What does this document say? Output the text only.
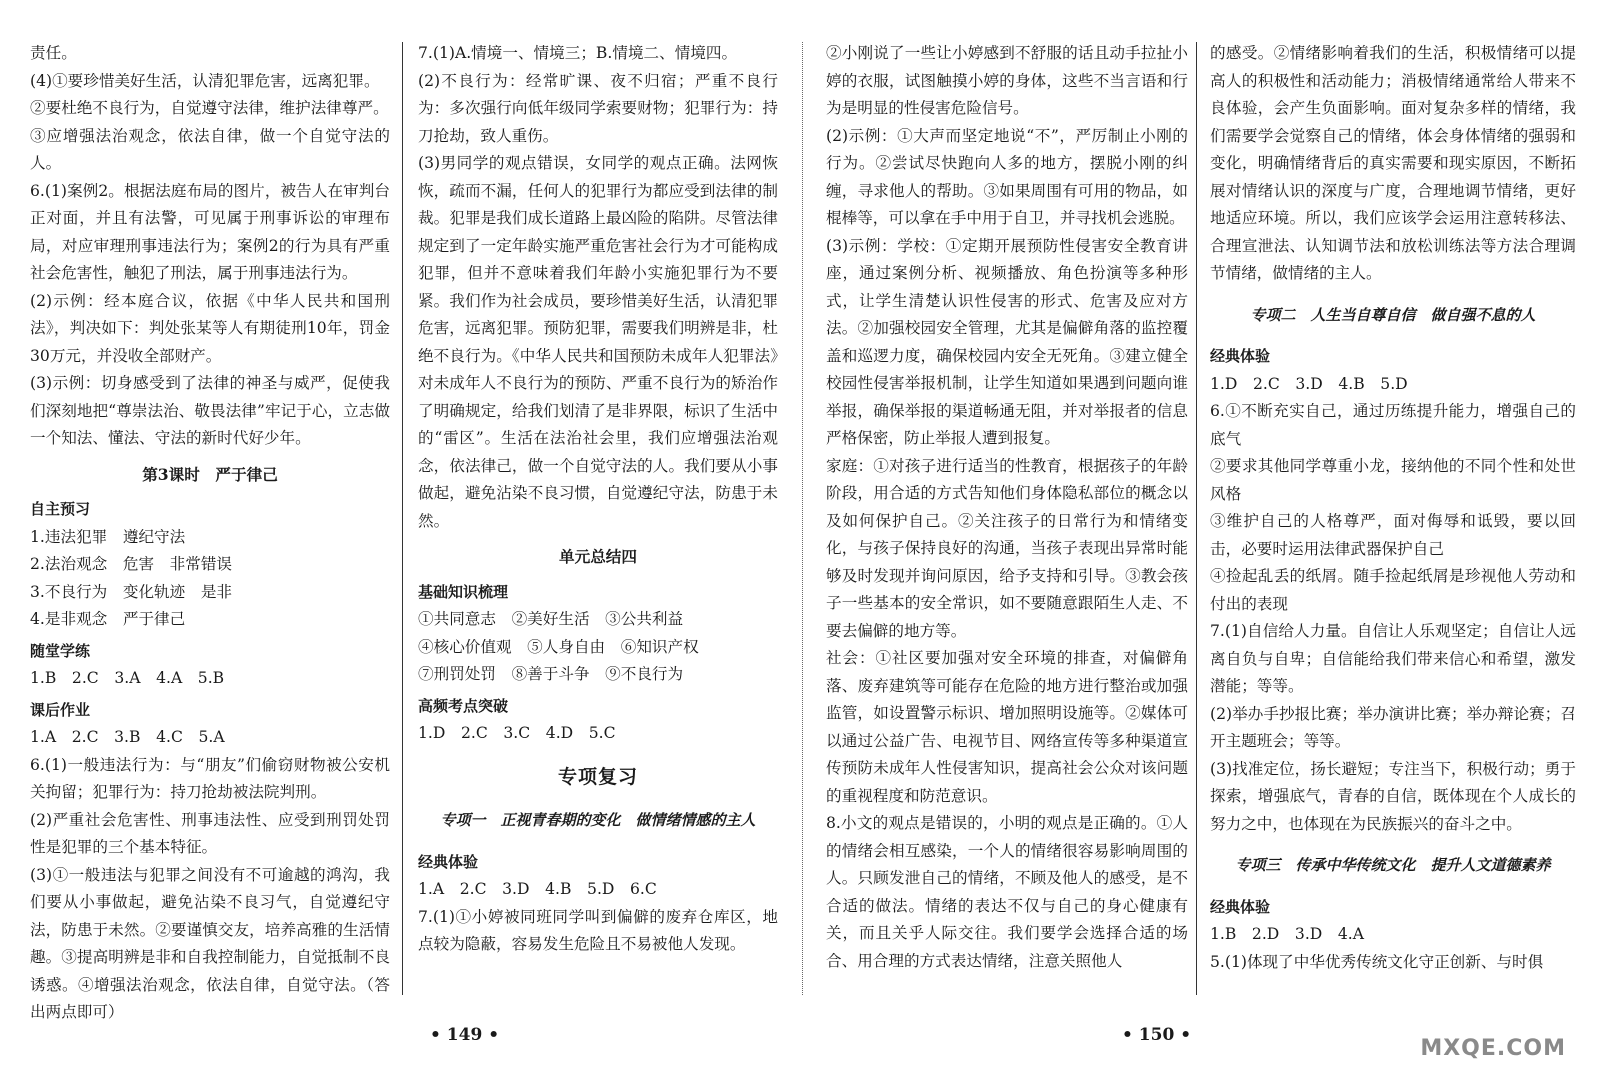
责任。
(4)①要珍惜美好生活，认清犯罪危害，远离犯罪。
②要杜绝不良行为，自觉遵守法律，维护法律尊严。
③应增强法治观念，依法自律，做一个自觉守法的人。
6.(1)案例2。根据法庭布局的图片，被告人在审判台正对面，并且有法警，可见属于刑事诉讼的审理布局，对应审理刑事违法行为；案例2的行为具有严重社会危害性，触犯了刑法，属于刑事违法行为。
(2)示例：经本庭合议，依据《中华人民共和国刑法》，判决如下：判处张某等人有期徒刑10年，罚金30万元，并没收全部财产。
(3)示例：切身感受到了法律的神圣与威严，促使我们深刻地把“尊崇法治、敬畏法律”牢记于心，立志做一个知法、懂法、守法的新时代好少年。
第3课时　严于律己
自主预习
1.违法犯罪　遵纪守法
2.法治观念　危害　非常错误
3.不良行为　变化轨迹　是非
4.是非观念　严于律己
随堂学练
1.B　2.C　3.A　4.A　5.B
课后作业
1.A　2.C　3.B　4.C　5.A
6.(1)一般违法行为：与“朋友”们偷窃财物被公安机关拘留；犯罪行为：持刀抢劫被法院判刑。
(2)严重社会危害性、刑事违法性、应受到刑罚处罚性是犯罪的三个基本特征。
(3)①一般违法与犯罪之间没有不可逾越的鸿沟，我们要从小事做起，避免沾染不良习气，自觉遵纪守法，防患于未然。②要谨慎交友，培养高雅的生活情趣。③提高明辨是非和自我控制能力，自觉抵制不良诱惑。④增强法治观念，依法自律，自觉守法。（答出两点即可）
7.(1)A.情境一、情境三；B.情境二、情境四。
(2)不良行为：经常旷课、夜不归宿；严重不良行为：多次强行向低年级同学索要财物；犯罪行为：持刀抢劫，致人重伤。
(3)男同学的观点错误，女同学的观点正确。法网恢恢，疏而不漏，任何人的犯罪行为都应受到法律的制裁。犯罪是我们成长道路上最凶险的陷阱。尽管法律规定到了一定年龄实施严重危害社会行为才可能构成犯罪，但并不意味着我们年龄小实施犯罪行为不要紧。我们作为社会成员，要珍惜美好生活，认清犯罪危害，远离犯罪。预防犯罪，需要我们明辨是非，杜绝不良行为。《中华人民共和国预防未成年人犯罪法》对未成年人不良行为的预防、严重不良行为的矫治作了明确规定，给我们划清了是非界限，标识了生活中的“雷区”。生活在法治社会里，我们应增强法治观念，依法律己，做一个自觉守法的人。我们要从小事做起，避免沾染不良习惯，自觉遵纪守法，防患于未然。
单元总结四
基础知识梳理
①共同意志　②美好生活　③公共利益
④核心价值观　⑤人身自由　⑥知识产权
⑦刑罚处罚　⑧善于斗争　⑨不良行为
高频考点突破
1.D　2.C　3.C　4.D　5.C
专项复习
专项一　正视青春期的变化　做情绪情感的主人
经典体验
1.A　2.C　3.D　4.B　5.D　6.C
7.(1)①小婷被同班同学叫到偏僻的废弃仓库区，地点较为隐蔽，容易发生危险且不易被他人发现。
②小刚说了一些让小婷感到不舒服的话且动手拉扯小婷的衣服，试图触摸小婷的身体，这些不当言语和行为是明显的性侵害危险信号。
(2)示例：①大声而坚定地说“不”，严厉制止小刚的行为。②尝试尽快跑向人多的地方，摆脱小刚的纠缠，寻求他人的帮助。③如果周围有可用的物品，如棍棒等，可以拿在手中用于自卫，并寻找机会逃脱。
(3)示例：学校：①定期开展预防性侵害安全教育讲座，通过案例分析、视频播放、角色扮演等多种形式，让学生清楚认识性侵害的形式、危害及应对方法。②加强校园安全管理，尤其是偏僻角落的监控覆盖和巡逻力度，确保校园内安全无死角。③建立健全校园性侵害举报机制，让学生知道如果遇到问题向谁举报，确保举报的渠道畅通无阻，并对举报者的信息严格保密，防止举报人遭到报复。
家庭：①对孩子进行适当的性教育，根据孩子的年龄阶段，用合适的方式告知他们身体隐私部位的概念以及如何保护自己。②关注孩子的日常行为和情绪变化，与孩子保持良好的沟通，当孩子表现出异常时能够及时发现并询问原因，给予支持和引导。③教会孩子一些基本的安全常识，如不要随意跟陌生人走、不要去偏僻的地方等。
社会：①社区要加强对安全环境的排查，对偏僻角落、废弃建筑等可能存在危险的地方进行整治或加强监管，如设置警示标识、增加照明设施等。②媒体可以通过公益广告、电视节目、网络宣传等多种渠道宣传预防未成年人性侵害知识，提高社会公众对该问题的重视程度和防范意识。
8.小文的观点是错误的，小明的观点是正确的。①人的情绪会相互感染，一个人的情绪很容易影响周围的人。只顾发泄自己的情绪，不顾及他人的感受，是不合适的做法。情绪的表达不仅与自己的身心健康有关，而且关乎人际交往。我们要学会选择合适的场合、用合理的方式表达情绪，注意关照他人
的感受。②情绪影响着我们的生活，积极情绪可以提高人的积极性和活动能力；消极情绪通常给人带来不良体验，会产生负面影响。面对复杂多样的情绪，我们需要学会觉察自己的情绪，体会身体情绪的强弱和变化，明确情绪背后的真实需要和现实原因，不断拓展对情绪认识的深度与广度，合理地调节情绪，更好地适应环境。所以，我们应该学会运用注意转移法、合理宣泄法、认知调节法和放松训练法等方法合理调节情绪，做情绪的主人。
专项二　人生当自尊自信　做自强不息的人
经典体验
1.D　2.C　3.D　4.B　5.D
6.①不断充实自己，通过历练提升能力，增强自己的底气
②要求其他同学尊重小龙，接纳他的不同个性和处世风格
③维护自己的人格尊严，面对侮辱和诋毁，要以回击，必要时运用法律武器保护自己
④捡起乱丢的纸屑。随手捡起纸屑是珍视他人劳动和付出的表现
7.(1)自信给人力量。自信让人乐观坚定；自信让人远离自负与自卑；自信能给我们带来信心和希望，激发潜能；等等。
(2)举办手抄报比赛；举办演讲比赛；举办辩论赛；召开主题班会；等等。
(3)找准定位，扬长避短；专注当下，积极行动；勇于探索，增强底气，青春的自信，既体现在个人成长的努力之中，也体现在为民族振兴的奋斗之中。
专项三　传承中华传统文化　提升人文道德素养
经典体验
1.B　2.D　3.D　4.A
5.(1)体现了中华优秀传统文化守正创新、与时俱
• 149 •	• 150 •
MXQE.COM
